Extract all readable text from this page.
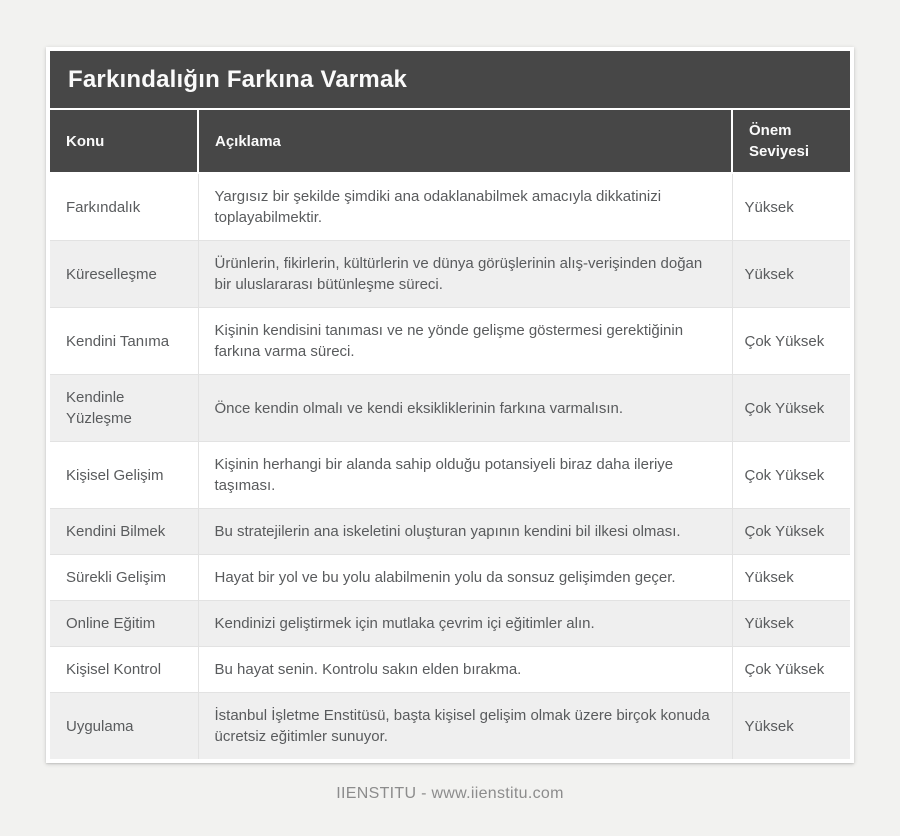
Farkındalığın Farkına Varmak
Konu	Açıklama	Önem Seviyesi
Farkındalık	Yargısız bir şekilde şimdiki ana odaklanabilmek amacıyla dikkatinizi toplayabilmektir.	Yüksek
Küreselleşme	Ürünlerin, fikirlerin, kültürlerin ve dünya görüşlerinin alış-verişinden doğan bir uluslararası bütünleşme süreci.	Yüksek
Kendini Tanıma	Kişinin kendisini tanıması ve ne yönde gelişme göstermesi gerektiğinin farkına varma süreci.	Çok Yüksek
Kendinle Yüzleşme	Önce kendin olmalı ve kendi eksikliklerinin farkına varmalısın.	Çok Yüksek
Kişisel Gelişim	Kişinin herhangi bir alanda sahip olduğu potansiyeli biraz daha ileriye taşıması.	Çok Yüksek
Kendini Bilmek	Bu stratejilerin ana iskeletini oluşturan yapının kendini bil ilkesi olması.	Çok Yüksek
Sürekli Gelişim	Hayat bir yol ve bu yolu alabilmenin yolu da sonsuz gelişimden geçer.	Yüksek
Online Eğitim	Kendinizi geliştirmek için mutlaka çevrim içi eğitimler alın.	Yüksek
Kişisel Kontrol	Bu hayat senin. Kontrolu sakın elden bırakma.	Çok Yüksek
Uygulama	İstanbul İşletme Enstitüsü, başta kişisel gelişim olmak üzere birçok konuda ücretsiz eğitimler sunuyor.	Yüksek
IIENSTITU - www.iienstitu.com
